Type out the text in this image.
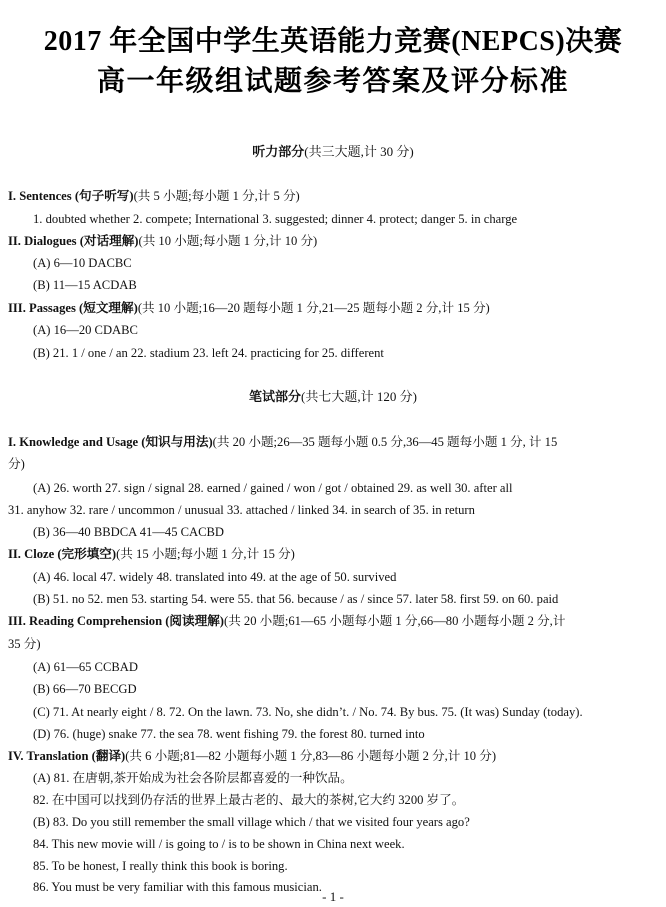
2017 年全国中学生英语能力竞赛(NEPCS)决赛
高一年级组试题参考答案及评分标准
听力部分(共三大题,计 30 分)
I. Sentences (句子听写)(共 5 小题;每小题 1 分,计 5 分)
1. doubted whether 2. compete; International 3. suggested; dinner 4. protect; danger 5. in charge
II. Dialogues (对话理解)(共 10 小题;每小题 1 分,计 10 分)
(A) 6—10 DACBC
(B) 11—15 ACDAB
III. Passages (短文理解)(共 10 小题;16—20 题每小题 1 分,21—25 题每小题 2 分,计 15 分)
(A) 16—20 CDABC
(B) 21. 1 / one / an 22. stadium 23. left 24. practicing for 25. different
笔试部分(共七大题,计 120 分)
I. Knowledge and Usage (知识与用法)(共 20 小题;26—35 题每小题 0.5 分,36—45 题每小题 1 分, 计 15
分)
(A) 26. worth 27. sign / signal 28. earned / gained / won / got / obtained 29. as well 30. after all
31. anyhow 32. rare / uncommon / unusual 33. attached / linked 34. in search of 35. in return
(B) 36—40 BBDCA 41—45 CACBD
II. Cloze (完形填空)(共 15 小题;每小题 1 分,计 15 分)
(A) 46. local 47. widely 48. translated into 49. at the age of 50. survived
(B) 51. no 52. men 53. starting 54. were 55. that 56. because / as / since 57. later 58. first 59. on 60. paid
III. Reading Comprehension (阅读理解)(共 20 小题;61—65 小题每小题 1 分,66—80 小题每小题 2 分,计
35 分)
(A) 61—65 CCBAD
(B) 66—70 BECGD
(C) 71. At nearly eight / 8. 72. On the lawn. 73. No, she didn’t. / No. 74. By bus. 75. (It was) Sunday (today).
(D) 76. (huge) snake 77. the sea 78. went fishing 79. the forest 80. turned into
IV. Translation (翻译)(共 6 小题;81—82 小题每小题 1 分,83—86 小题每小题 2 分,计 10 分)
(A) 81. 在唐朝,茶开始成为社会各阶层都喜爱的一种饮品。
82. 在中国可以找到仍存活的世界上最古老的、最大的茶树,它大约 3200 岁了。
(B) 83. Do you still remember the small village which / that we visited four years ago?
84. This new movie will / is going to / is to be shown in China next week.
85. To be honest, I really think this book is boring.
86. You must be very familiar with this famous musician.
- 1 -
